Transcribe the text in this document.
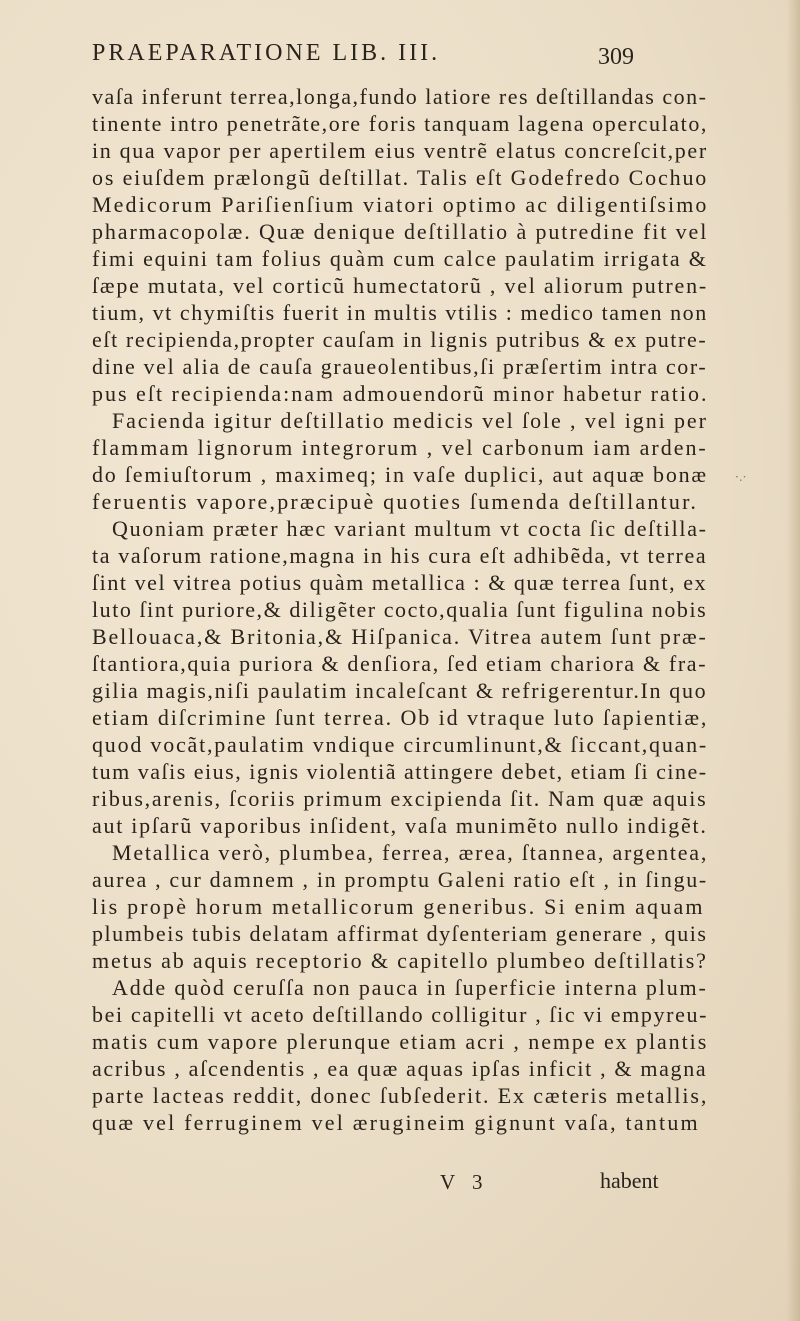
PRAEPARATIONE LIB. III.	309
vaſa inferunt terrea,longa,fundo latiore res deſtillandas con-
tinente intro penetrãte,ore foris tanquam lagena operculato,
in qua vapor per apertilem eius ventrẽ elatus concreſcit,per
os eiuſdem prælongũ deſtillat. Talis eſt Godefredo Cochuo
Medicorum Pariſienſium viatori optimo ac diligentiſsimo
pharmacopolæ. Quæ denique deſtillatio à putredine fit vel
fimi equini tam folius quàm cum calce paulatim irrigata &
ſæpe mutata, vel corticũ humectatorũ , vel aliorum putren-
tium, vt chymiſtis fuerit in multis vtilis : medico tamen non
eſt recipienda,propter cauſam in lignis putribus & ex putre-
dine vel alia de cauſa graueolentibus,ſi præſertim intra cor-
pus eſt recipienda:nam admouendorũ minor habetur ratio.
Facienda igitur deſtillatio medicis vel ſole , vel igni per
flammam lignorum integrorum , vel carbonum iam arden-
do ſemiuſtorum , maximeq; in vaſe duplici, aut aquæ bonæ
feruentis vapore,præcipuè quoties ſumenda deſtillantur.
Quoniam præter hæc variant multum vt cocta ſic deſtilla-
ta vaſorum ratione,magna in his cura eſt adhibẽda, vt terrea
ſint vel vitrea potius quàm metallica : & quæ terrea ſunt, ex
luto ſint puriore,& diligẽter cocto,qualia ſunt figulina nobis
Bellouaca,& Britonia,& Hiſpanica. Vitrea autem ſunt præ-
ſtantiora,quia puriora & denſiora, ſed etiam chariora & fra-
gilia magis,niſi paulatim incaleſcant & refrigerentur.In quo
etiam diſcrimine ſunt terrea. Ob id vtraque luto ſapientiæ,
quod vocãt,paulatim vndique circumlinunt,& ſiccant,quan-
tum vaſis eius, ignis violentiã attingere debet, etiam ſi cine-
ribus,arenis, ſcoriis primum excipienda ſit. Nam quæ aquis
aut ipſarũ vaporibus inſident, vaſa munimẽto nullo indigẽt.
Metallica verò, plumbea, ferrea, ærea, ſtannea, argentea,
aurea , cur damnem , in promptu Galeni ratio eſt , in ſingu-
lis propè horum metallicorum generibus. Si enim aquam
plumbeis tubis delatam affirmat dyſenteriam generare , quis
metus ab aquis receptorio & capitello plumbeo deſtillatis?
Adde quòd ceruſſa non pauca in ſuperficie interna plum-
bei capitelli vt aceto deſtillando colligitur , ſic vi empyreu-
matis cum vapore plerunque etiam acri , nempe ex plantis
acribus , aſcendentis , ea quæ aquas ipſas inficit , & magna
parte lacteas reddit, donec ſubſederit. Ex cæteris metallis,
quæ vel ferruginem vel ærugineim gignunt vaſa, tantum
V 3	habent
·.·
